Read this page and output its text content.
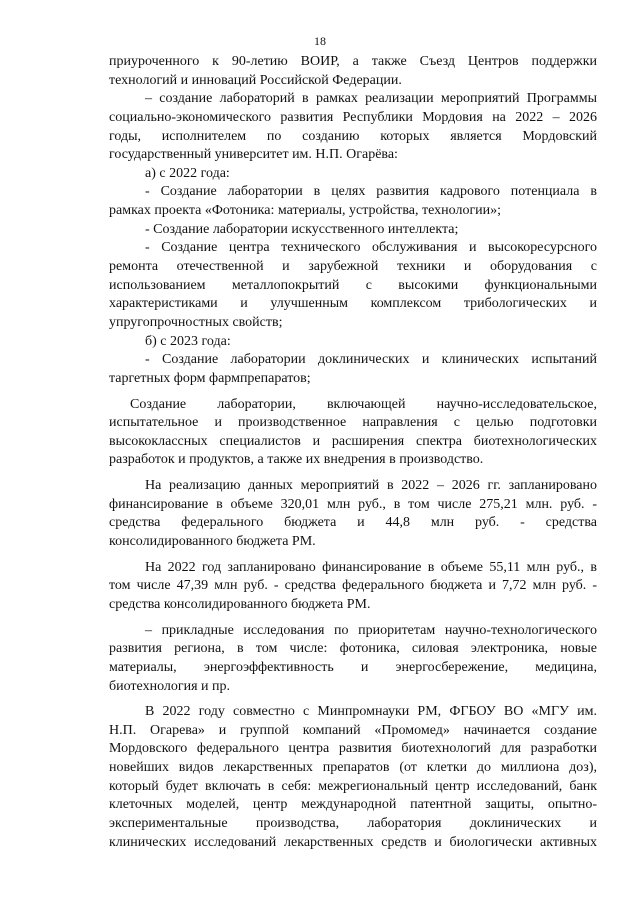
18
приуроченного к 90-летию ВОИР, а также Съезд Центров поддержки
технологий и инноваций Российской Федерации.
– создание лабораторий в рамках реализации мероприятий Программы
социально-экономического развития Республики Мордовия на 2022 – 2026
годы, исполнителем по созданию которых является Мордовский
государственный университет им. Н.П. Огарёва:
а) с 2022 года:
- Создание лаборатории в целях развития кадрового потенциала в
рамках проекта «Фотоника: материалы, устройства, технологии»;
- Создание лаборатории искусственного интеллекта;
- Создание центра технического обслуживания и высокоресурсного
ремонта отечественной и зарубежной техники и оборудования с
использованием металлопокрытий с высокими функциональными
характеристиками и улучшенным комплексом трибологических и
упругопрочностных свойств;
б) с 2023 года:
- Создание лаборатории доклинических и клинических испытаний
таргетных форм фармпрепаратов;
Создание лаборатории, включающей научно-исследовательское,
испытательное и производственное направления с целью подготовки
высококлассных специалистов и расширения спектра биотехнологических
разработок и продуктов, а также их внедрения в производство.
На реализацию данных мероприятий в 2022 – 2026 гг. запланировано
финансирование в объеме 320,01 млн руб., в том числе 275,21 млн. руб. -
средства федерального бюджета и 44,8 млн руб. - средства
консолидированного бюджета РМ.
На 2022 год запланировано финансирование в объеме 55,11 млн руб., в
том числе 47,39 млн руб. - средства федерального бюджета и 7,72 млн руб. -
средства консолидированного бюджета РМ.
– прикладные исследования по приоритетам научно-технологического
развития региона, в том числе: фотоника, силовая электроника, новые
материалы, энергоэффективность и энергосбережение, медицина,
биотехнология и пр.
В 2022 году совместно с Минпромнауки РМ, ФГБОУ ВО «МГУ им.
Н.П. Огарева» и группой компаний «Промомед» начинается создание
Мордовского федерального центра развития биотехнологий для разработки
новейших видов лекарственных препаратов (от клетки до миллиона доз),
который будет включать в себя: межрегиональный центр исследований, банк
клеточных моделей, центр международной патентной защиты, опытно-
экспериментальные производства, лаборатория доклинических и
клинических исследований лекарственных средств и биологически активных
